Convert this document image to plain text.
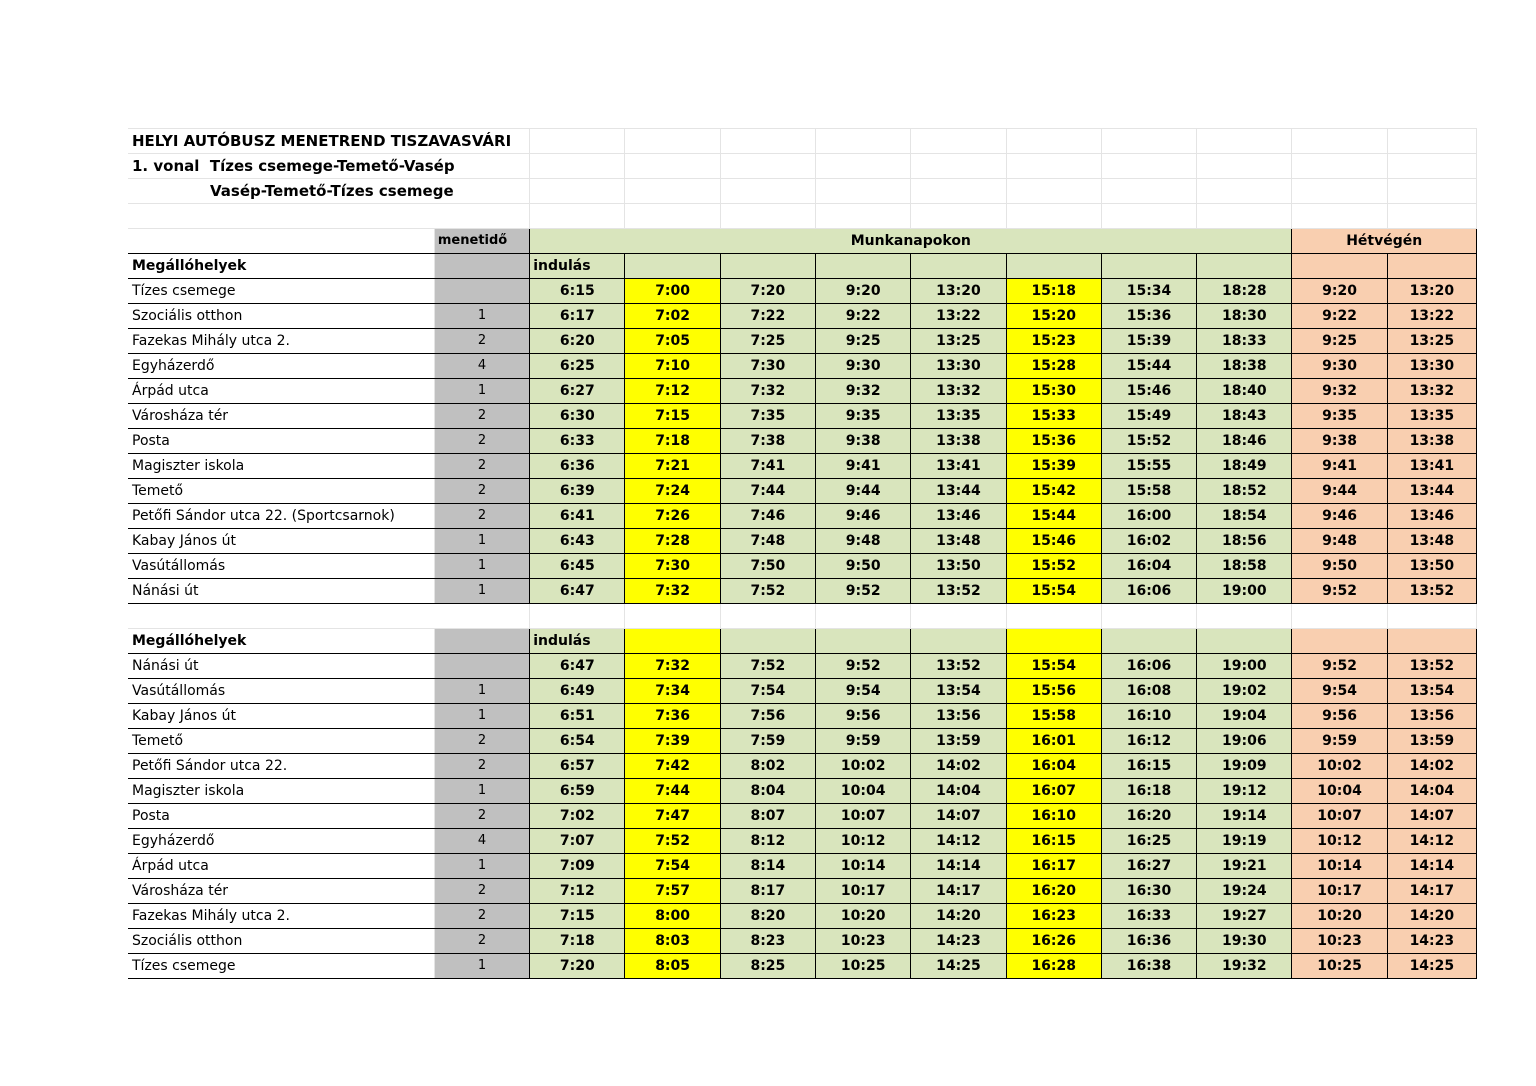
HELYI AUTÓBUSZ MENETREND TISZAVASVÁRI											
1. vonal Tízes csemege-Temető-Vasép											
Vasép-Temető-Tízes csemege											

	menetidő	Munkanapokon								Hétvégén	
Megállóhelyek		indulás									
Tízes csemege		6:15	7:00	7:20	9:20	13:20	15:18	15:34	18:28	9:20	13:20
Szociális otthon	1	6:17	7:02	7:22	9:22	13:22	15:20	15:36	18:30	9:22	13:22
Fazekas Mihály utca 2.	2	6:20	7:05	7:25	9:25	13:25	15:23	15:39	18:33	9:25	13:25
Egyházerdő	4	6:25	7:10	7:30	9:30	13:30	15:28	15:44	18:38	9:30	13:30
Árpád utca	1	6:27	7:12	7:32	9:32	13:32	15:30	15:46	18:40	9:32	13:32
Városháza tér	2	6:30	7:15	7:35	9:35	13:35	15:33	15:49	18:43	9:35	13:35
Posta	2	6:33	7:18	7:38	9:38	13:38	15:36	15:52	18:46	9:38	13:38
Magiszter iskola	2	6:36	7:21	7:41	9:41	13:41	15:39	15:55	18:49	9:41	13:41
Temető	2	6:39	7:24	7:44	9:44	13:44	15:42	15:58	18:52	9:44	13:44
Petőfi Sándor utca 22. (Sportcsarnok)	2	6:41	7:26	7:46	9:46	13:46	15:44	16:00	18:54	9:46	13:46
Kabay János út	1	6:43	7:28	7:48	9:48	13:48	15:46	16:02	18:56	9:48	13:48
Vasútállomás	1	6:45	7:30	7:50	9:50	13:50	15:52	16:04	18:58	9:50	13:50
Nánási út	1	6:47	7:32	7:52	9:52	13:52	15:54	16:06	19:00	9:52	13:52

Megállóhelyek		indulás									
Nánási út		6:47	7:32	7:52	9:52	13:52	15:54	16:06	19:00	9:52	13:52
Vasútállomás	1	6:49	7:34	7:54	9:54	13:54	15:56	16:08	19:02	9:54	13:54
Kabay János út	1	6:51	7:36	7:56	9:56	13:56	15:58	16:10	19:04	9:56	13:56
Temető	2	6:54	7:39	7:59	9:59	13:59	16:01	16:12	19:06	9:59	13:59
Petőfi Sándor utca 22.	2	6:57	7:42	8:02	10:02	14:02	16:04	16:15	19:09	10:02	14:02
Magiszter iskola	1	6:59	7:44	8:04	10:04	14:04	16:07	16:18	19:12	10:04	14:04
Posta	2	7:02	7:47	8:07	10:07	14:07	16:10	16:20	19:14	10:07	14:07
Egyházerdő	4	7:07	7:52	8:12	10:12	14:12	16:15	16:25	19:19	10:12	14:12
Árpád utca	1	7:09	7:54	8:14	10:14	14:14	16:17	16:27	19:21	10:14	14:14
Városháza tér	2	7:12	7:57	8:17	10:17	14:17	16:20	16:30	19:24	10:17	14:17
Fazekas Mihály utca 2.	2	7:15	8:00	8:20	10:20	14:20	16:23	16:33	19:27	10:20	14:20
Szociális otthon	2	7:18	8:03	8:23	10:23	14:23	16:26	16:36	19:30	10:23	14:23
Tízes csemege	1	7:20	8:05	8:25	10:25	14:25	16:28	16:38	19:32	10:25	14:25
